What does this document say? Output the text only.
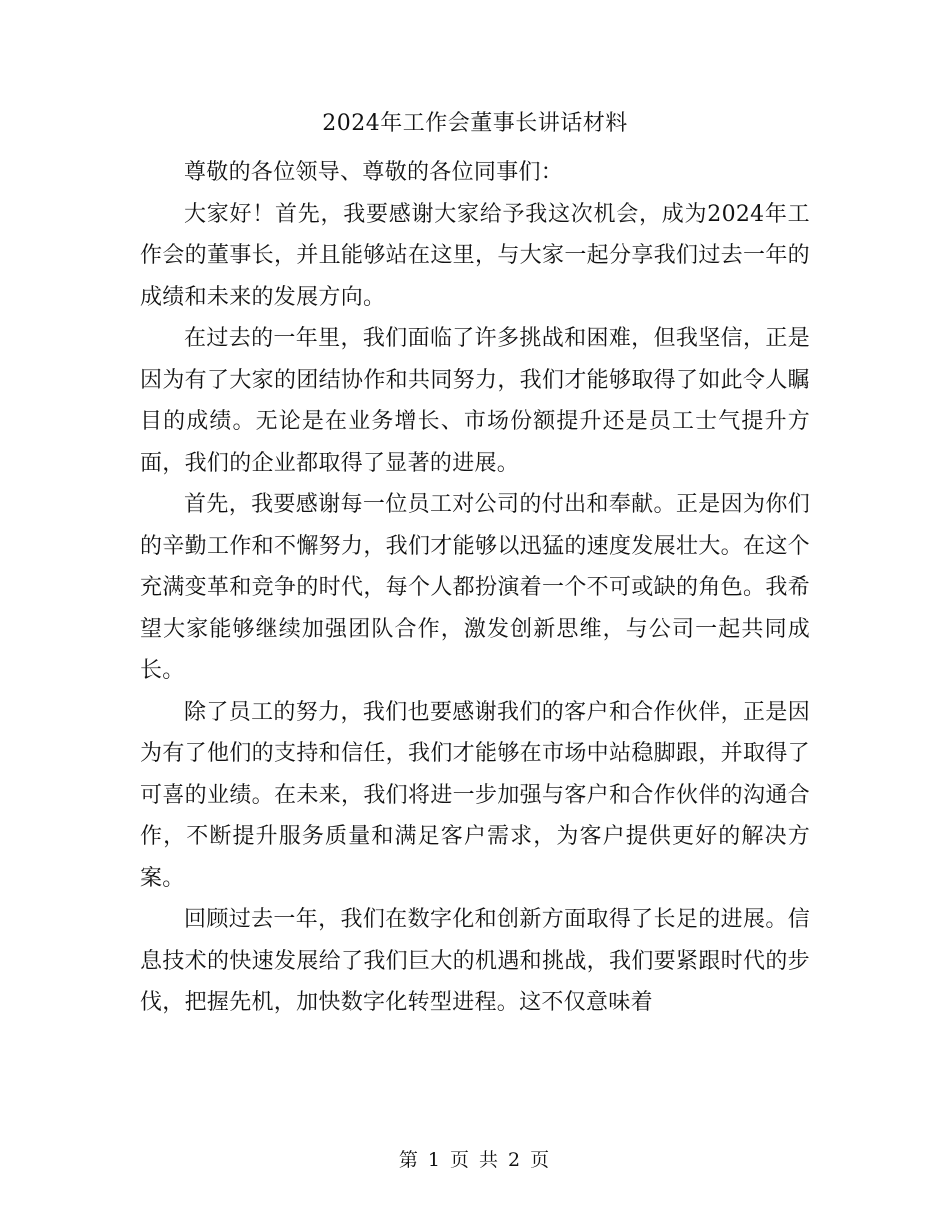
2024年工作会董事长讲话材料

尊敬的各位领导、尊敬的各位同事们：

大家好！首先，我要感谢大家给予我这次机会，成为2024年工作会的董事长，并且能够站在这里，与大家一起分享我们过去一年的成绩和未来的发展方向。

在过去的一年里，我们面临了许多挑战和困难，但我坚信，正是因为有了大家的团结协作和共同努力，我们才能够取得了如此令人瞩目的成绩。无论是在业务增长、市场份额提升还是员工士气提升方面，我们的企业都取得了显著的进展。

首先，我要感谢每一位员工对公司的付出和奉献。正是因为你们的辛勤工作和不懈努力，我们才能够以迅猛的速度发展壮大。在这个充满变革和竞争的时代，每个人都扮演着一个不可或缺的角色。我希望大家能够继续加强团队合作，激发创新思维，与公司一起共同成长。

除了员工的努力，我们也要感谢我们的客户和合作伙伴，正是因为有了他们的支持和信任，我们才能够在市场中站稳脚跟，并取得了可喜的业绩。在未来，我们将进一步加强与客户和合作伙伴的沟通合作，不断提升服务质量和满足客户需求，为客户提供更好的解决方案。

回顾过去一年，我们在数字化和创新方面取得了长足的进展。信息技术的快速发展给了我们巨大的机遇和挑战，我们要紧跟时代的步伐，把握先机，加快数字化转型进程。这不仅意味着

第 1 页 共 2 页
